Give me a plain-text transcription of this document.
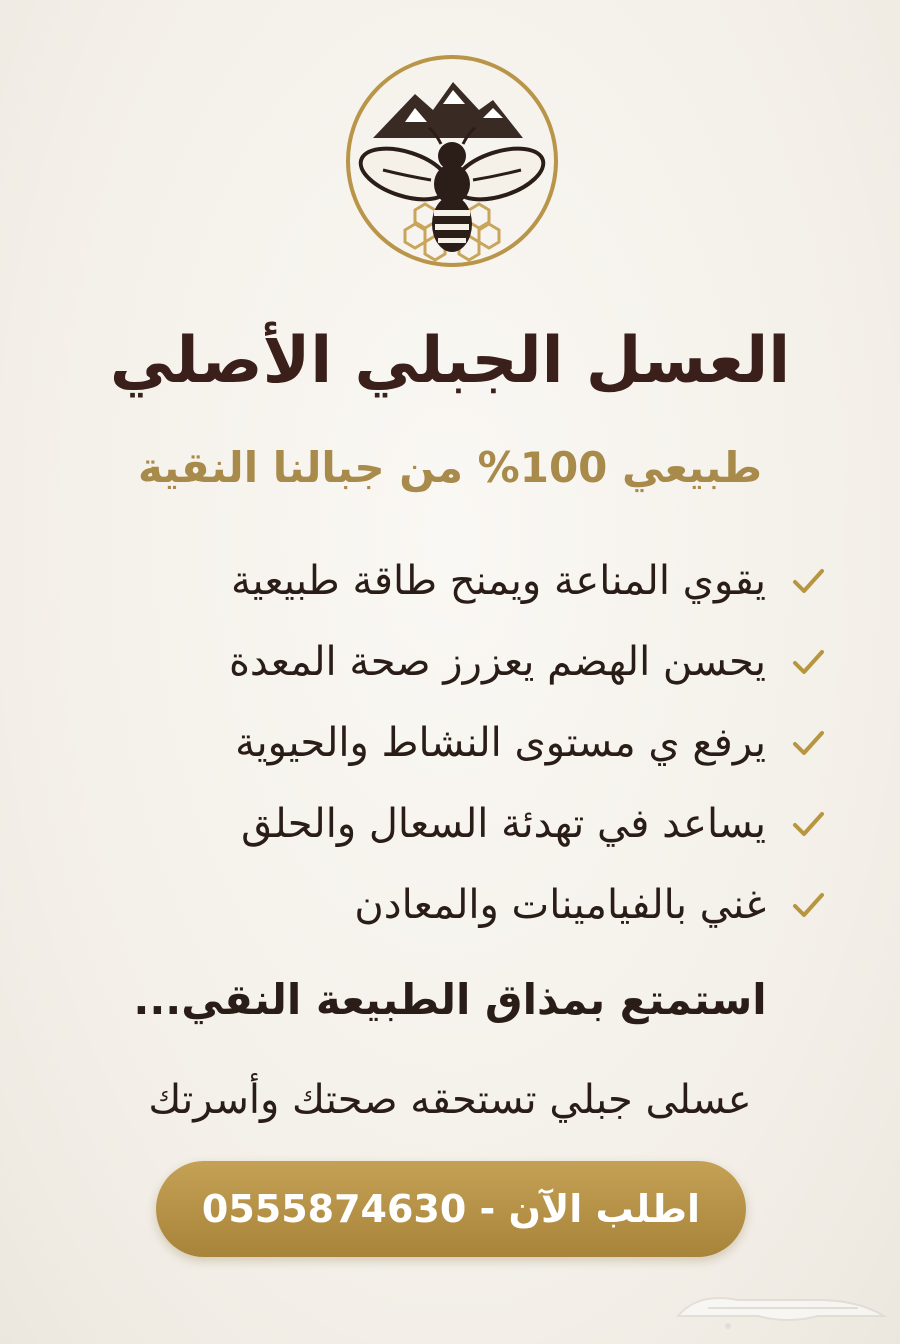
العسل الجبلي الأصلي
طبيعي 100% من جبالنا النقية
يقوي المناعة ويمنح طاقة طبيعية
يحسن الهضم يعزرز صحة المعدة
يرفع ي مستوى النشاط والحيوية
يساعد في تهدئة السعال والحلق
غني بالفيامينات والمعادن
استمتع بمذاق الطبيعة النقي...
عسلى جبلي تستحقه صحتك وأسرتك
اطلب الآن - 0555874630
